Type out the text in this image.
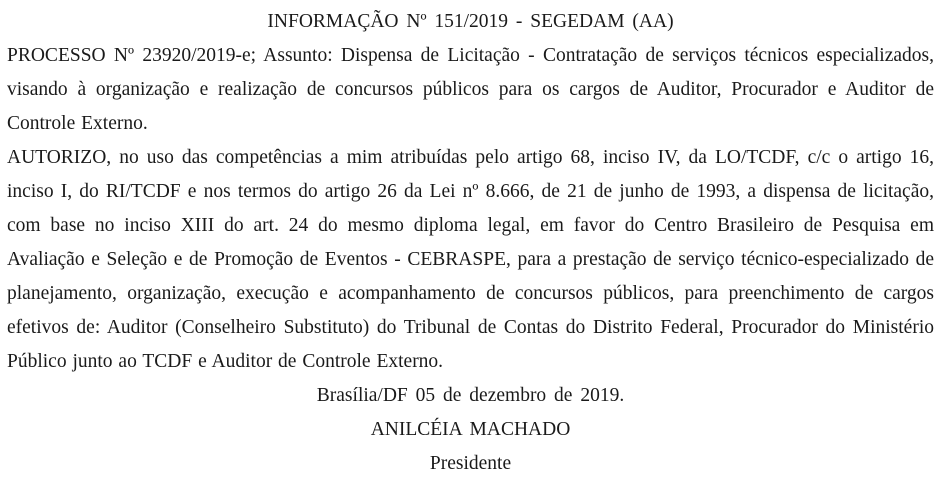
INFORMAÇÃO Nº 151/2019 - SEGEDAM (AA)

PROCESSO Nº 23920/2019-e; Assunto: Dispensa de Licitação - Contratação de serviços técnicos especializados, visando à organização e realização de concursos públicos para os cargos de Auditor, Procurador e Auditor de Controle Externo.

AUTORIZO, no uso das competências a mim atribuídas pelo artigo 68, inciso IV, da LO/TCDF, c/c o artigo 16, inciso I, do RI/TCDF e nos termos do artigo 26 da Lei nº 8.666, de 21 de junho de 1993, a dispensa de licitação, com base no inciso XIII do art. 24 do mesmo diploma legal, em favor do Centro Brasileiro de Pesquisa em Avaliação e Seleção e de Promoção de Eventos - CEBRASPE, para a prestação de serviço técnico-especializado de planejamento, organização, execução e acompanhamento de concursos públicos, para preenchimento de cargos efetivos de: Auditor (Conselheiro Substituto) do Tribunal de Contas do Distrito Federal, Procurador do Ministério Público junto ao TCDF e Auditor de Controle Externo.

Brasília/DF 05 de dezembro de 2019.

ANILCÉIA MACHADO

Presidente
